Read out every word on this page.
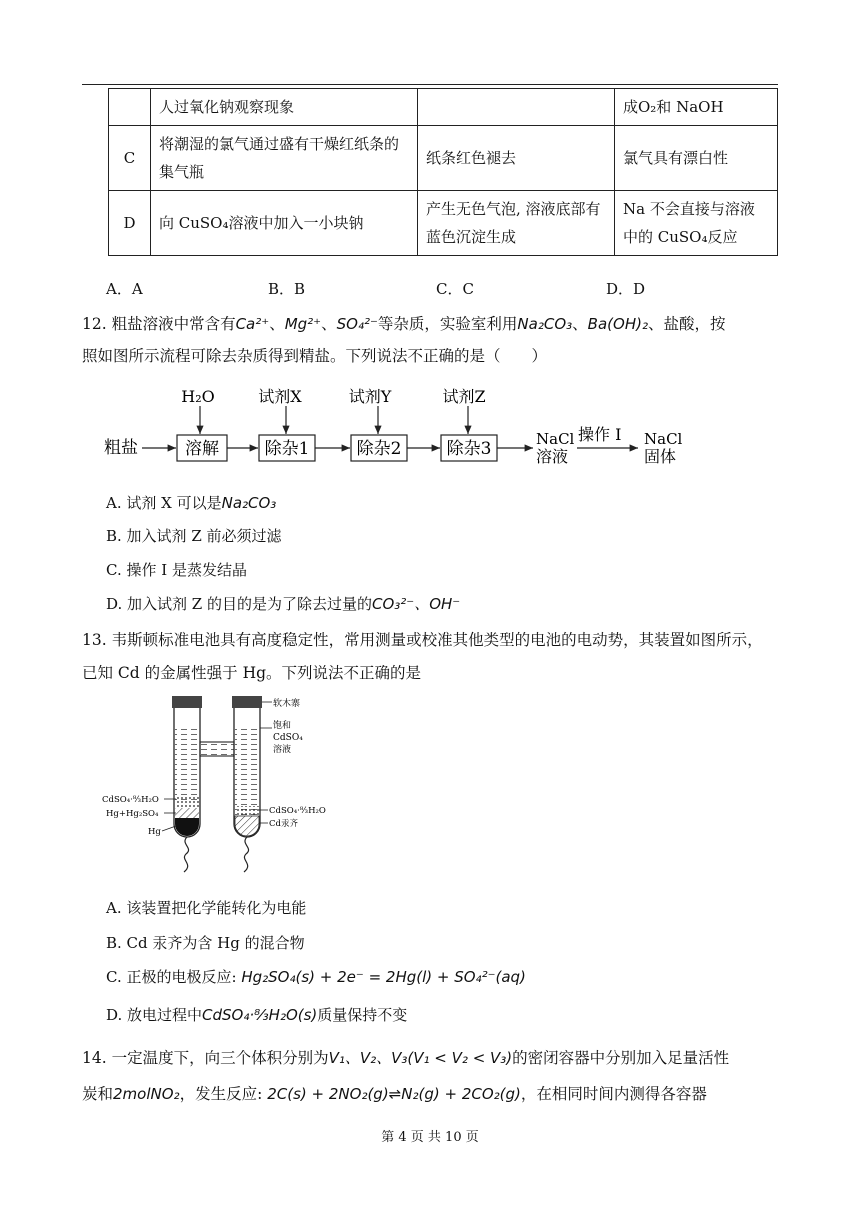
	人过氧化钠观察现象		成O₂和 NaOH
C	将潮湿的氯气通过盛有干燥红纸条的集气瓶	纸条红色褪去	氯气具有漂白性
D	向 CuSO₄溶液中加入一小块钠	产生无色气泡, 溶液底部有蓝色沉淀生成	Na 不会直接与溶液中的 CuSO₄反应
A．A	B．B	C．C	D．D
12. 粗盐溶液中常含有Ca²⁺、Mg²⁺、SO₄²⁻等杂质，实验室利用Na₂CO₃、Ba(OH)₂、盐酸，按
照如图所示流程可除去杂质得到精盐。下列说法不正确的是（　　）
粗盐	溶解	除杂1	除杂2	除杂3
H₂O	试剂X	试剂Y	试剂Z
NaCl
溶液
操作 I NaCl
固体
A. 试剂 X 可以是Na₂CO₃
B. 加入试剂 Z 前必须过滤
C. 操作 I 是蒸发结晶
D. 加入试剂 Z 的目的是为了除去过量的CO₃²⁻、OH⁻
13. 韦斯顿标准电池具有高度稳定性，常用测量或校准其他类型的电池的电动势，其装置如图所示，
已知 Cd 的金属性强于 Hg。下列说法不正确的是
软木寨
饱和
CdSO₄
溶液
CdSO₄·⁸⁄₃H₂O
Hg+Hg₂SO₄
Hg
CdSO₄·⁸⁄₃H₂O
Cd汞齐
A. 该装置把化学能转化为电能
B. Cd 汞齐为含 Hg 的混合物
C. 正极的电极反应: Hg₂SO₄(s) + 2e⁻ = 2Hg(l) + SO₄²⁻(aq)
D. 放电过程中CdSO₄·⁸⁄₃H₂O(s)质量保持不变
14. 一定温度下，向三个体积分别为V₁、V₂、V₃(V₁ < V₂ < V₃)的密闭容器中分别加入足量活性
炭和2molNO₂，发生反应: 2C(s) + 2NO₂(g)⇌N₂(g) + 2CO₂(g)，在相同时间内测得各容器
第 4 页 共 10 页
